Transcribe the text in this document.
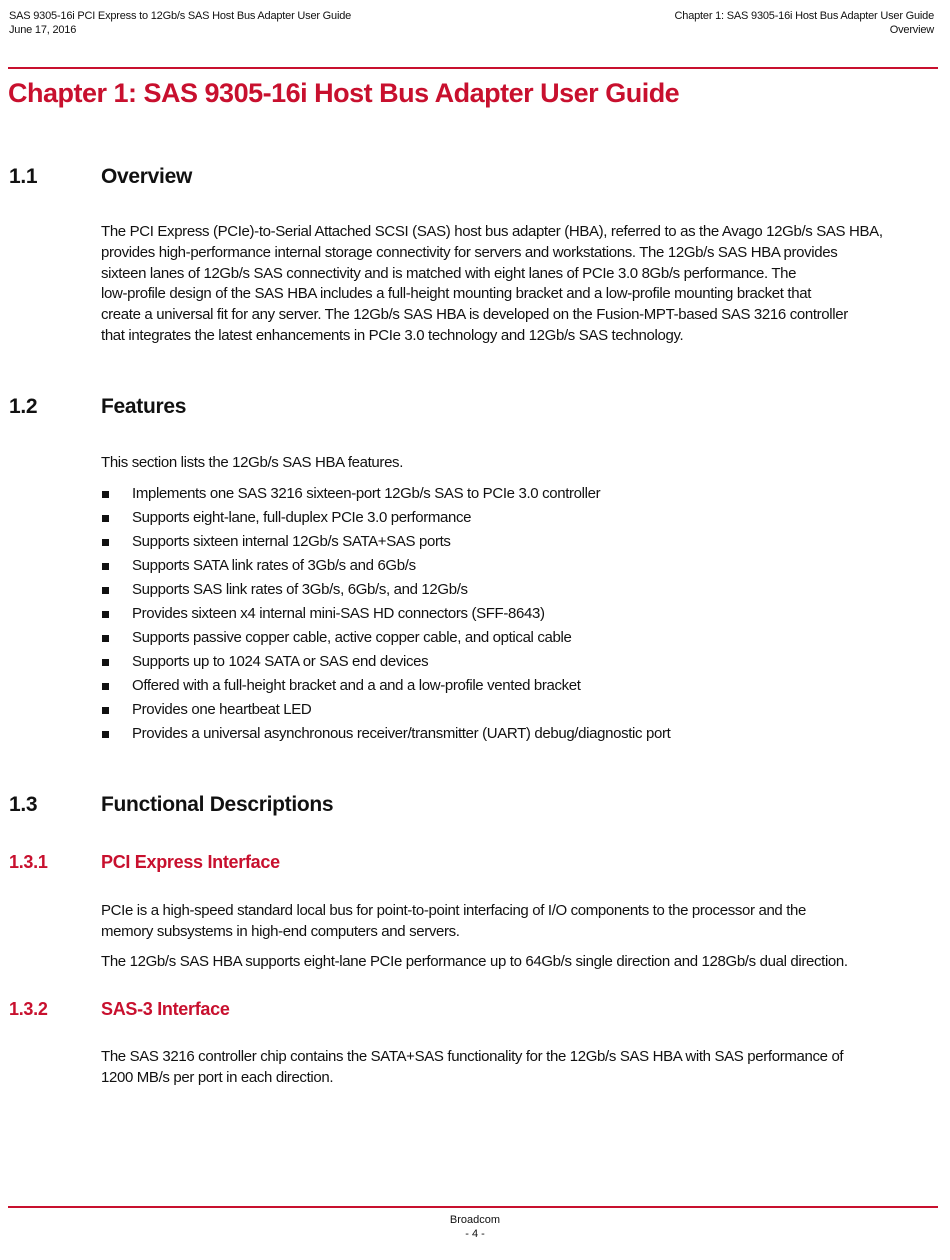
SAS 9305-16i PCI Express to 12Gb/s SAS Host Bus Adapter User Guide
June 17, 2016
Chapter 1: SAS 9305-16i Host Bus Adapter User Guide
Overview
Chapter 1: SAS 9305-16i Host Bus Adapter User Guide
1.1	Overview
The PCI Express (PCIe)-to-Serial Attached SCSI (SAS) host bus adapter (HBA), referred to as the Avago 12Gb/s SAS HBA,
provides high-performance internal storage connectivity for servers and workstations. The 12Gb/s SAS HBA provides
sixteen lanes of 12Gb/s SAS connectivity and is matched with eight lanes of PCIe 3.0 8Gb/s performance. The
low-profile design of the SAS HBA includes a full-height mounting bracket and a low-profile mounting bracket that
create a universal fit for any server. The 12Gb/s SAS HBA is developed on the Fusion-MPT-based SAS 3216 controller
that integrates the latest enhancements in PCIe 3.0 technology and 12Gb/s SAS technology.
1.2	Features
This section lists the 12Gb/s SAS HBA features.
Implements one SAS 3216 sixteen-port 12Gb/s SAS to PCIe 3.0 controller
Supports eight-lane, full-duplex PCIe 3.0 performance
Supports sixteen internal 12Gb/s SATA+SAS ports
Supports SATA link rates of 3Gb/s and 6Gb/s
Supports SAS link rates of 3Gb/s, 6Gb/s, and 12Gb/s
Provides sixteen x4 internal mini-SAS HD connectors (SFF-8643)
Supports passive copper cable, active copper cable, and optical cable
Supports up to 1024 SATA or SAS end devices
Offered with a full-height bracket and a and a low-profile vented bracket
Provides one heartbeat LED
Provides a universal asynchronous receiver/transmitter (UART) debug/diagnostic port
1.3	Functional Descriptions
1.3.1	PCI Express Interface
PCIe is a high-speed standard local bus for point-to-point interfacing of I/O components to the processor and the
memory subsystems in high-end computers and servers.
The 12Gb/s SAS HBA supports eight-lane PCIe performance up to 64Gb/s single direction and 128Gb/s dual direction.
1.3.2	SAS-3 Interface
The SAS 3216 controller chip contains the SATA+SAS functionality for the 12Gb/s SAS HBA with SAS performance of
1200 MB/s per port in each direction.
Broadcom
- 4 -
